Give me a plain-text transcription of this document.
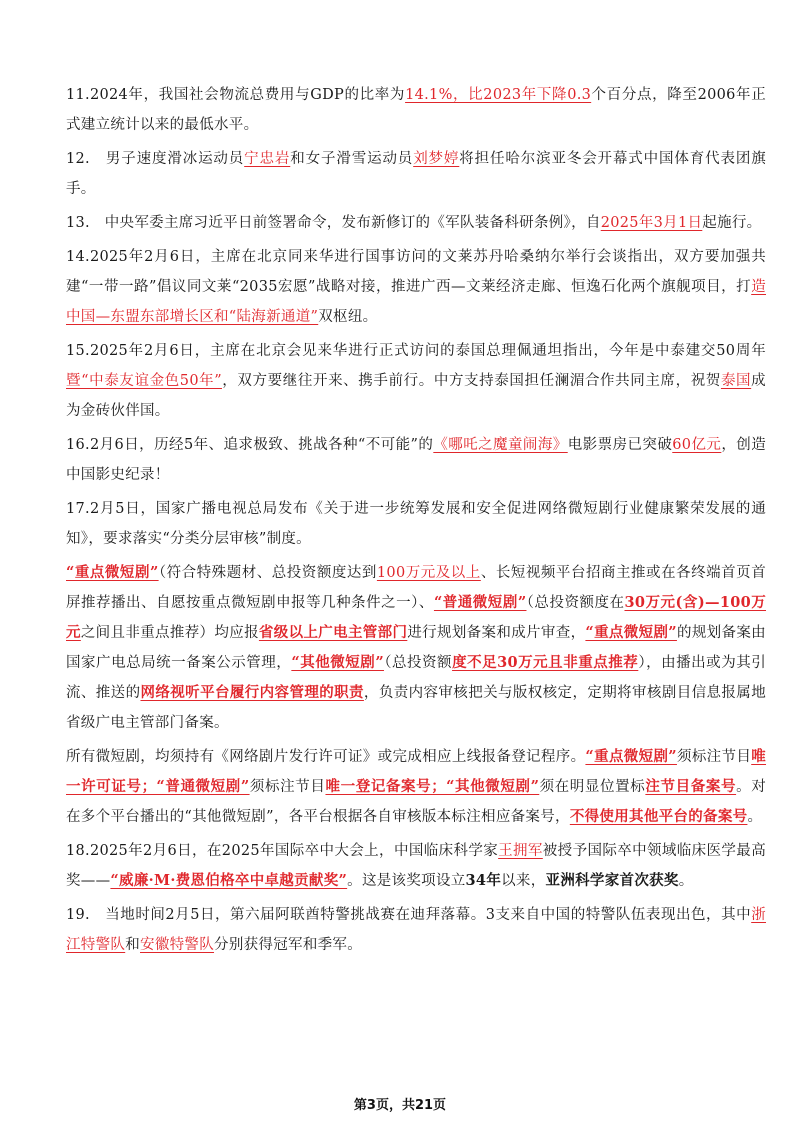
11.2024年，我国社会物流总费用与GDP的比率为14.1%，比2023年下降0.3个百分点，降至2006年正式建立统计以来的最低水平。

12.　男子速度滑冰运动员宁忠岩和女子滑雪运动员刘梦婷将担任哈尔滨亚冬会开幕式中国体育代表团旗手。

13.　中央军委主席习近平日前签署命令，发布新修订的《军队装备科研条例》，自2025年3月1日起施行。

14.2025年2月6日，主席在北京同来华进行国事访问的文莱苏丹哈桑纳尔举行会谈指出，双方要加强共建“一带一路”倡议同文莱“2035宏愿”战略对接，推进广西—文莱经济走廊、恒逸石化两个旗舰项目，打造中国—东盟东部增长区和“陆海新通道”双枢纽。

15.2025年2月6日，主席在北京会见来华进行正式访问的泰国总理佩通坦指出，今年是中泰建交50周年暨“中泰友谊金色50年”，双方要继往开来、携手前行。中方支持泰国担任澜湄合作共同主席，祝贺泰国成为金砖伙伴国。

16.2月6日，历经5年、追求极致、挑战各种“不可能”的《哪吒之魔童闹海》电影票房已突破60亿元，创造中国影史纪录！

17.2月5日，国家广播电视总局发布《关于进一步统筹发展和安全促进网络微短剧行业健康繁荣发展的通知》，要求落实“分类分层审核”制度。

“重点微短剧”（符合特殊题材、总投资额度达到100万元及以上、长短视频平台招商主推或在各终端首页首屏推荐播出、自愿按重点微短剧申报等几种条件之一）、“普通微短剧”（总投资额度在30万元(含)—100万元之间且非重点推荐）均应报省级以上广电主管部门进行规划备案和成片审查，“重点微短剧”的规划备案由国家广电总局统一备案公示管理，“其他微短剧”（总投资额度不足30万元且非重点推荐），由播出或为其引流、推送的网络视听平台履行内容管理的职责，负责内容审核把关与版权核定，定期将审核剧目信息报属地省级广电主管部门备案。

所有微短剧，均须持有《网络剧片发行许可证》或完成相应上线报备登记程序。“重点微短剧”须标注节目唯一许可证号；“普通微短剧”须标注节目唯一登记备案号；“其他微短剧”须在明显位置标注节目备案号。对在多个平台播出的“其他微短剧”，各平台根据各自审核版本标注相应备案号，不得使用其他平台的备案号。

18.2025年2月6日，在2025年国际卒中大会上，中国临床科学家王拥军被授予国际卒中领域临床医学最高奖——“威廉·M·费恩伯格卒中卓越贡献奖”。这是该奖项设立34年以来，亚洲科学家首次获奖。

19.　当地时间2月5日，第六届阿联酋特警挑战赛在迪拜落幕。3支来自中国的特警队伍表现出色，其中浙江特警队和安徽特警队分别获得冠军和季军。

第3页，共21页
